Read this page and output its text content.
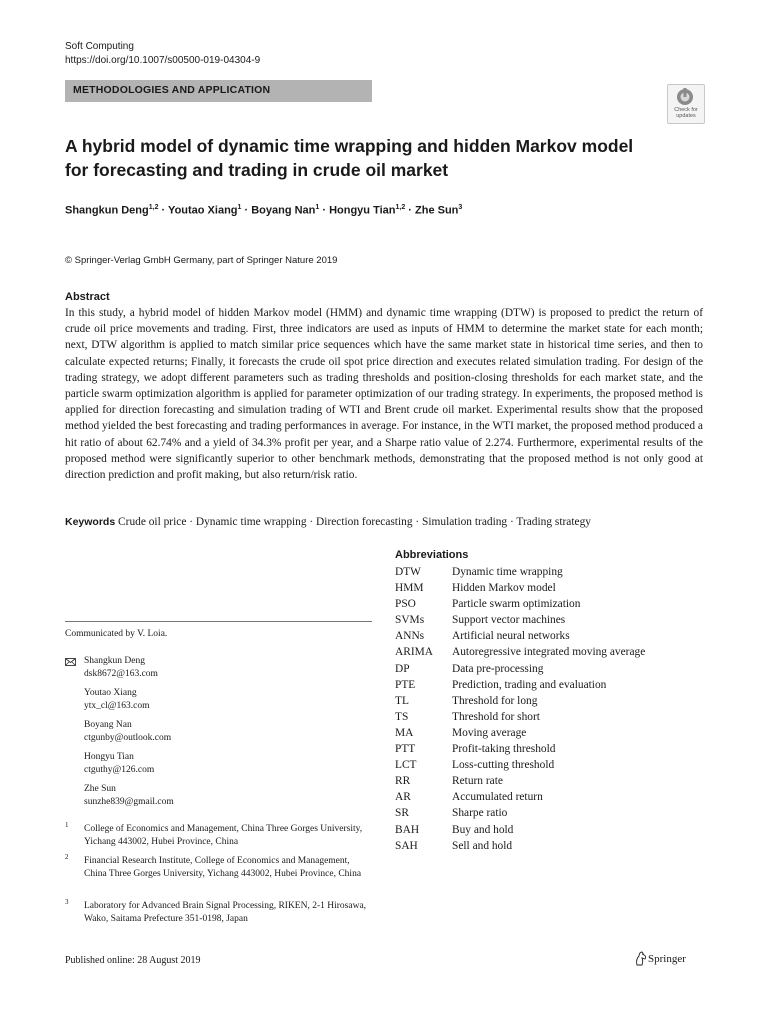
Soft Computing
https://doi.org/10.1007/s00500-019-04304-9
METHODOLOGIES AND APPLICATION
Check for
updates
A hybrid model of dynamic time wrapping and hidden Markov model
for forecasting and trading in crude oil market
Shangkun Deng$^{1,2}$ · Youtao Xiang$^1$ · Boyang Nan$^1$ · Hongyu Tian$^{1,2}$ · Zhe Sun$^3$
© Springer-Verlag GmbH Germany, part of Springer Nature 2019
Abstract
In this study, a hybrid model of hidden Markov model (HMM) and dynamic time wrapping (DTW) is proposed to predict the return of crude oil price movements and trading. First, three indicators are used as inputs of HMM to determine the market state for each month; next, DTW algorithm is applied to match similar price sequences which have the same market state in historical time series, and then to calculate expected returns; Finally, it forecasts the crude oil spot price direction and executes related simulation trading. For design of the trading strategy, we adopt different parameters such as trading thresholds and position-closing thresholds for each market state, and the particle swarm optimization algorithm is applied for parameter optimization of our trading strategy. In experiments, the proposed method is applied for direction forecasting and simulation trading of WTI and Brent crude oil market. Experimental results show that the proposed method yielded the best forecasting and trading performances in average. For instance, in the WTI market, the proposed method produced a hit ratio of about 62.74% and a yield of 34.3% profit per year, and a Sharpe ratio value of 2.274. Furthermore, experimental results of the proposed method were significantly superior to other benchmark methods, demonstrating that the proposed method is not only good at direction prediction and profit making, but also return/risk ratio.
Keywords Crude oil price · Dynamic time wrapping · Direction forecasting · Simulation trading · Trading strategy
Abbreviations
DTW	Dynamic time wrapping
HMM	Hidden Markov model
PSO	Particle swarm optimization
SVMs	Support vector machines
ANNs	Artificial neural networks
ARIMA	Autoregressive integrated moving average
DP	Data pre-processing
PTE	Prediction, trading and evaluation
TL	Threshold for long
TS	Threshold for short
MA	Moving average
PTT	Profit-taking threshold
LCT	Loss-cutting threshold
RR	Return rate
AR	Accumulated return
SR	Sharpe ratio
BAH	Buy and hold
SAH	Sell and hold
Communicated by V. Loia.
Shangkun Deng
dsk8672@163.com
Youtao Xiang
ytx_cl@163.com
Boyang Nan
ctgunby@outlook.com
Hongyu Tian
ctguthy@126.com
Zhe Sun
sunzhe839@gmail.com
1 College of Economics and Management, China Three Gorges University, Yichang 443002, Hubei Province, China
2 Financial Research Institute, College of Economics and Management, China Three Gorges University, Yichang 443002, Hubei Province, China
3 Laboratory for Advanced Brain Signal Processing, RIKEN, 2-1 Hirosawa, Wako, Saitama Prefecture 351-0198, Japan
Published online: 28 August 2019	Springer
